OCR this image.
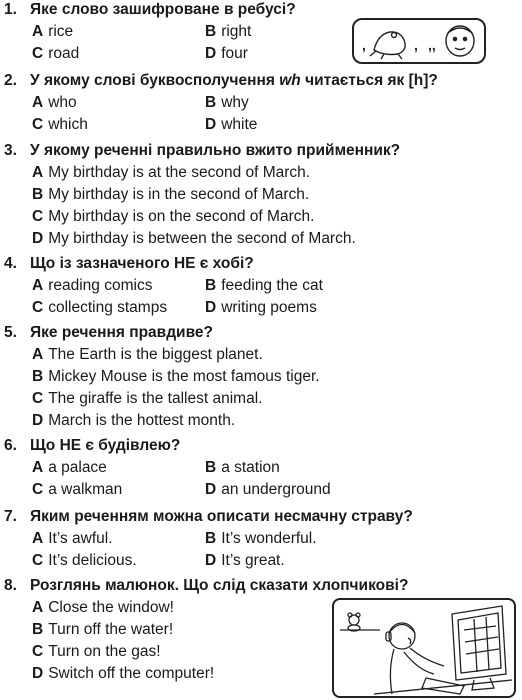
1. Яке слово зашифроване в ребусі?
A rice	B right
C road	D four	,	, ,,
2. У якому слові буквосполучення wh читається як [h]?
A who	B why
C which	D white
3. У якому реченні правильно вжито прийменник?
A My birthday is at the second of March.
B My birthday is in the second of March.
C My birthday is on the second of March.
D My birthday is between the second of March.
4. Що із зазначеного НЕ є хобі?
A reading comics	B feeding the cat
C collecting stamps D writing poems
5. Яке речення правдиве?
A The Earth is the biggest planet.
B Mickey Mouse is the most famous tiger.
C The giraffe is the tallest animal.
D March is the hottest month.
6. Що НЕ є будівлею?
A a palace	B a station
C a walkman	D an underground
7. Яким реченням можна описати несмачну страву?
A It’s awful.	B It’s wonderful.
C It’s delicious.	D It’s great.
8. Розглянь малюнок. Що слід сказати хлопчикові?
A Close the window!
B Turn off the water!
C Turn on the gas!
D Switch off the computer!
